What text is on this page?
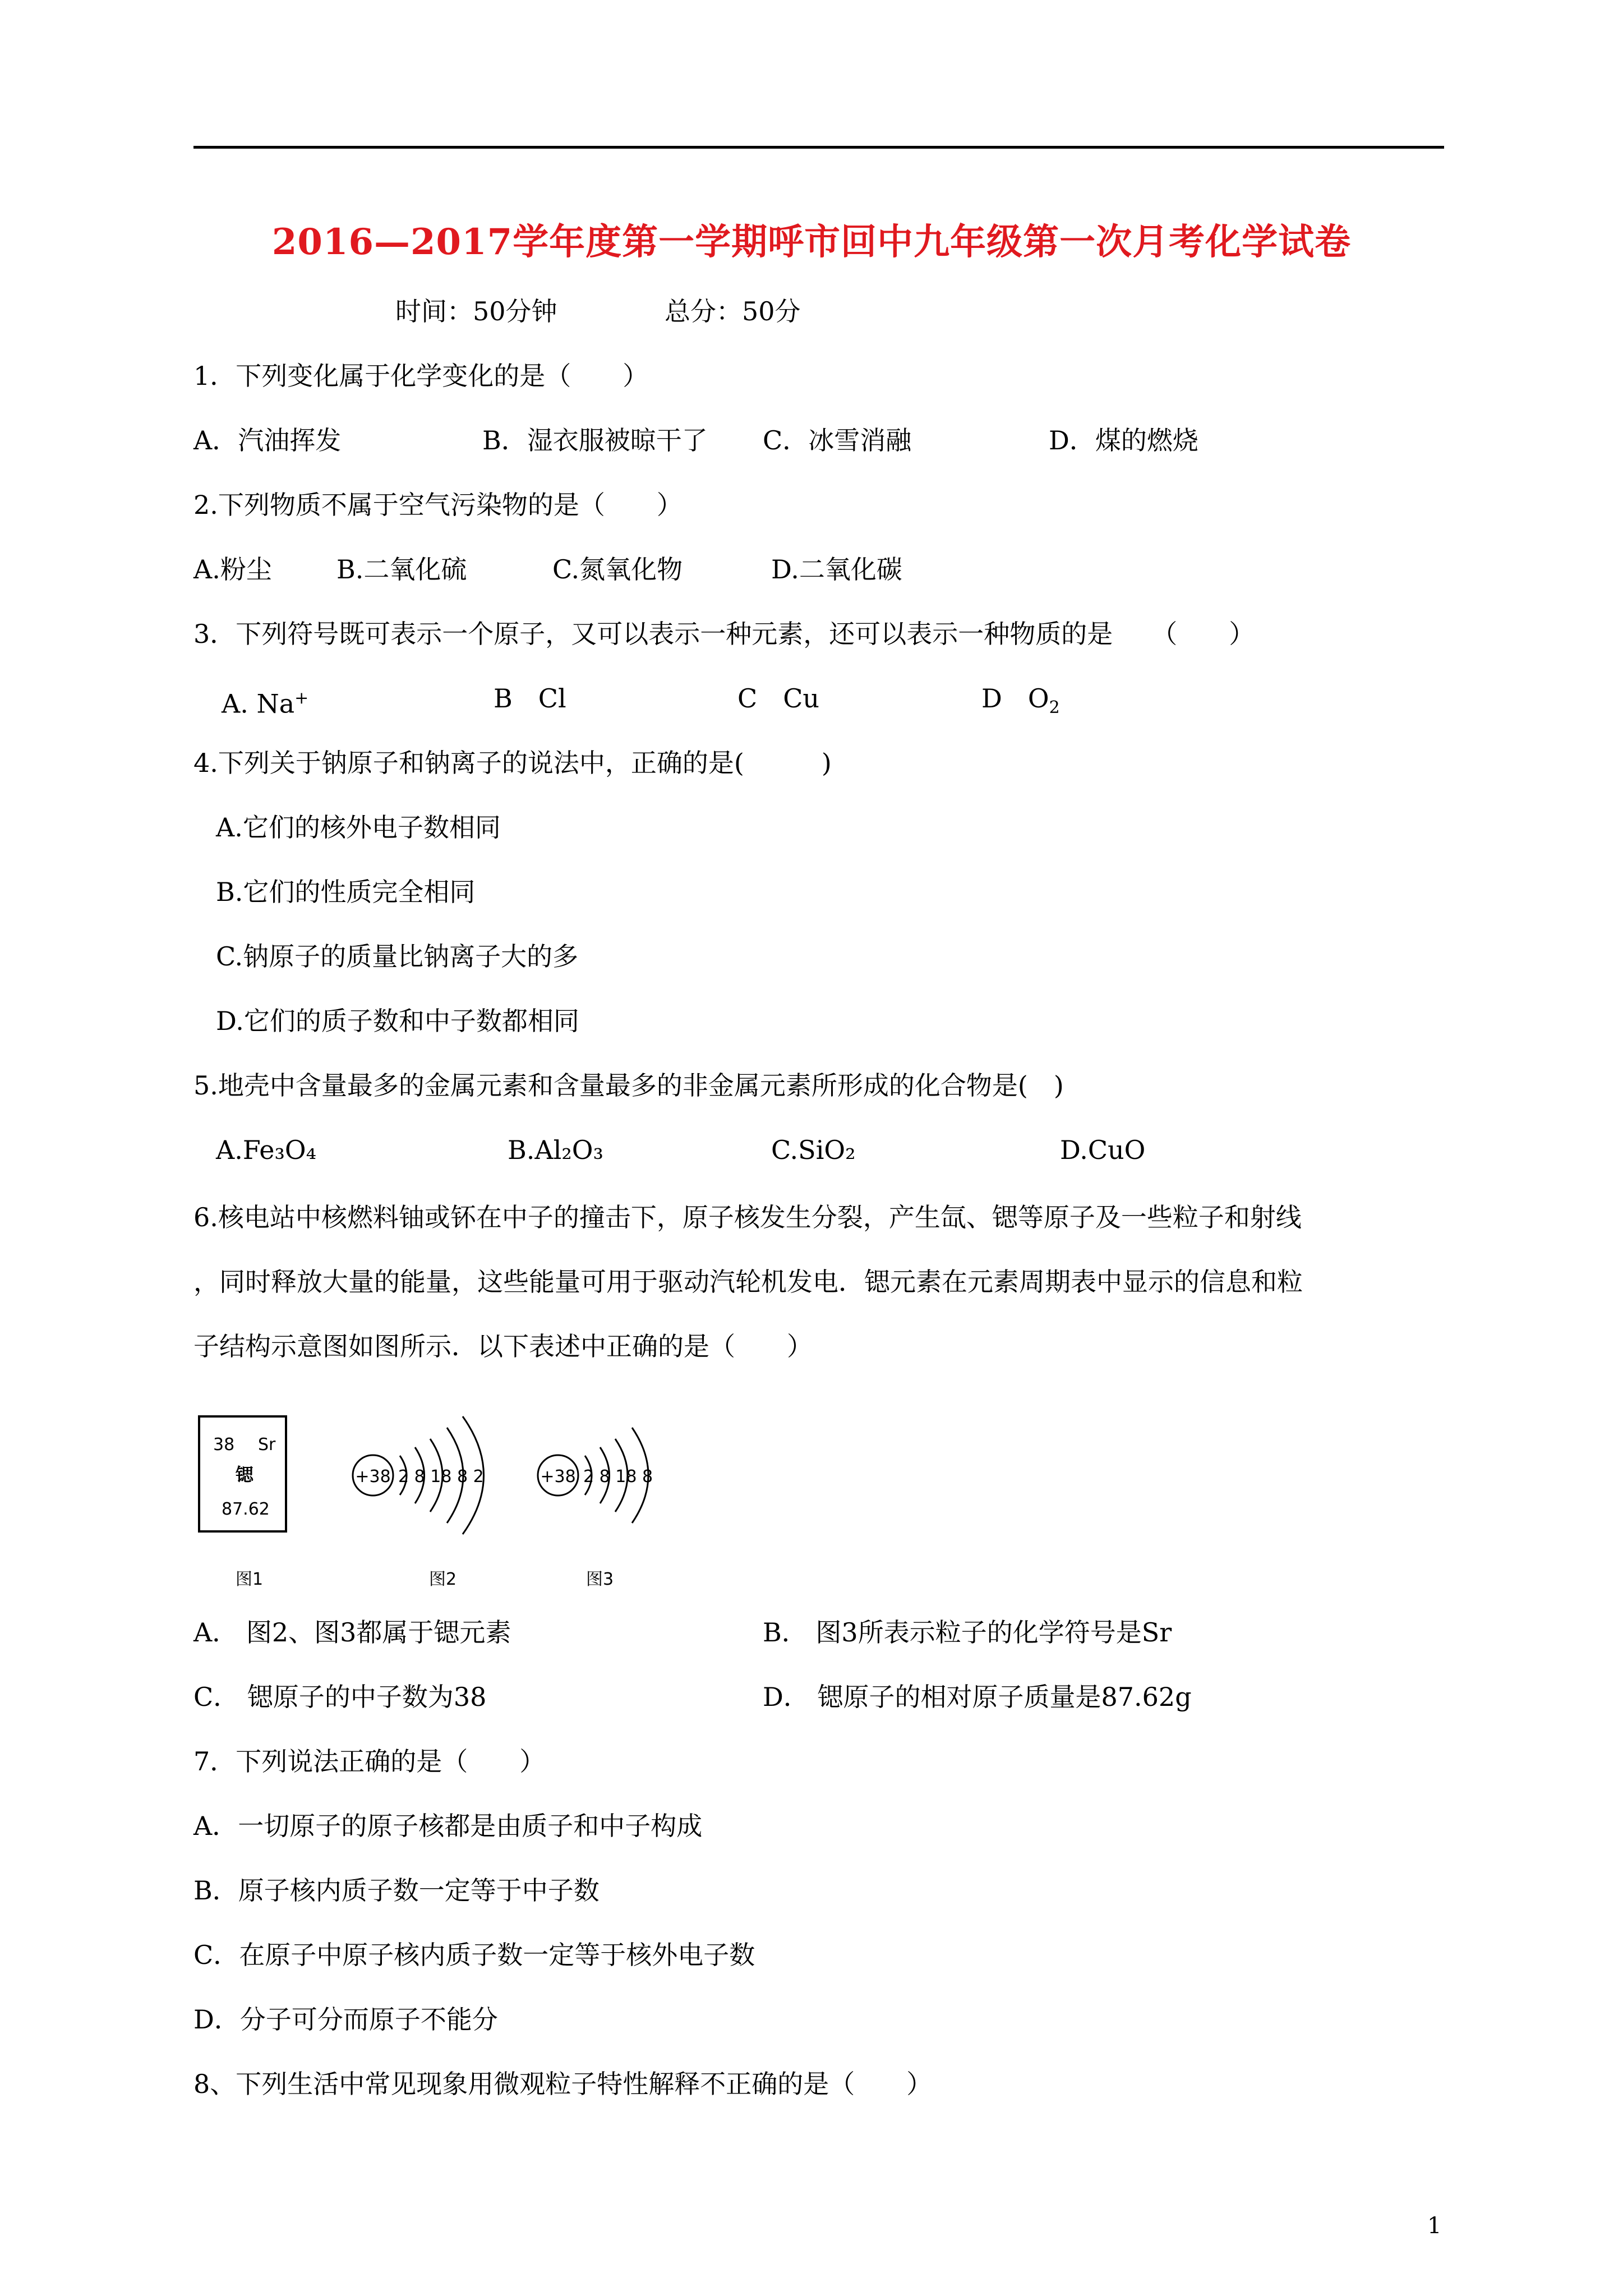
2016—2017学年度第一学期呼市回中九年级第一次月考化学试卷
时间：50分钟	总分：50分
1．下列变化属于化学变化的是（　　）
A．汽油挥发	B．湿衣服被晾干了 C．冰雪消融	D．煤的燃烧
2.下列物质不属于空气污染物的是（　　）
A.粉尘	B.二氧化硫	C.氮氧化物	D.二氧化碳
3．下列符号既可表示一个原子，又可以表示一种元素，还可以表示一种物质的是　　（　　）
A. Na+	B　Cl	C　Cu	D　$O_2$
4.下列关于钠原子和钠离子的说法中，正确的是(　　　)
A.它们的核外电子数相同
B.它们的性质完全相同
C.钠原子的质量比钠离子大的多
D.它们的质子数和中子数都相同
5.地壳中含量最多的金属元素和含量最多的非金属元素所形成的化合物是(　)
A.Fe₃O₄	B.Al₂O₃	C.SiO₂	D.CuO
6.核电站中核燃料铀或钚在中子的撞击下，原子核发生分裂，产生氙、锶等原子及一些粒子和射线
，同时释放大量的能量，这些能量可用于驱动汽轮机发电．锶元素在元素周期表中显示的信息和粒
子结构示意图如图所示．以下表述中正确的是（　　）
38 Sr
锶
87.62
+38 2 8 18 8 2	+38 2 8 18 8
图1	图2	图3
A． 图2、图3都属于锶元素	B． 图3所表示粒子的化学符号是Sr
C． 锶原子的中子数为38	D． 锶原子的相对原子质量是87.62g
7．下列说法正确的是（　　）
A．一切原子的原子核都是由质子和中子构成
B．原子核内质子数一定等于中子数
C．在原子中原子核内质子数一定等于核外电子数
D．分子可分而原子不能分
8、下列生活中常见现象用微观粒子特性解释不正确的是（　　）
1
